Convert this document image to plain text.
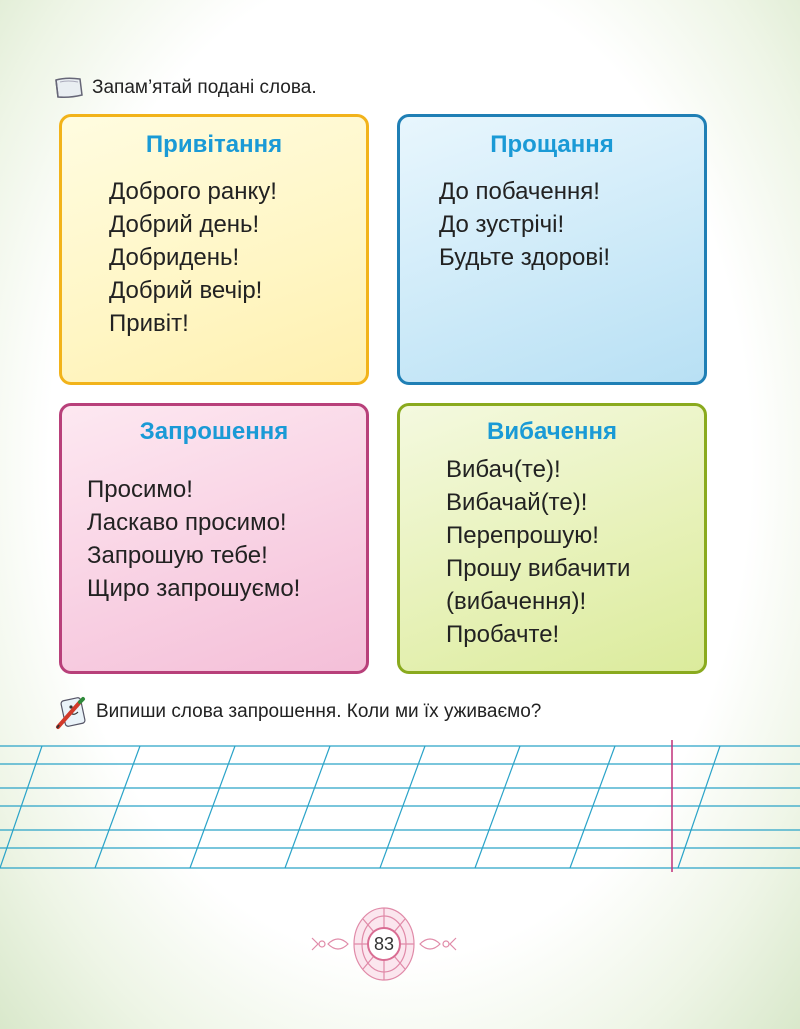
Запам’ятай подані слова.
Привітання
Доброго ранку!
Добрий день!
Добридень!
Добрий вечір!
Привіт!
Прощання
До побачення!
До зустрічі!
Будьте здорові!
Запрошення
Просимо!
Ласкаво просимо!
Запрошую тебе!
Щиро запрошуємо!
Вибачення
Вибач(те)!
Вибачай(те)!
Перепрошую!
Прошу вибачити
(вибачення)!
Пробачте!
Випиши слова запрошення. Коли ми їх уживаємо?
83
